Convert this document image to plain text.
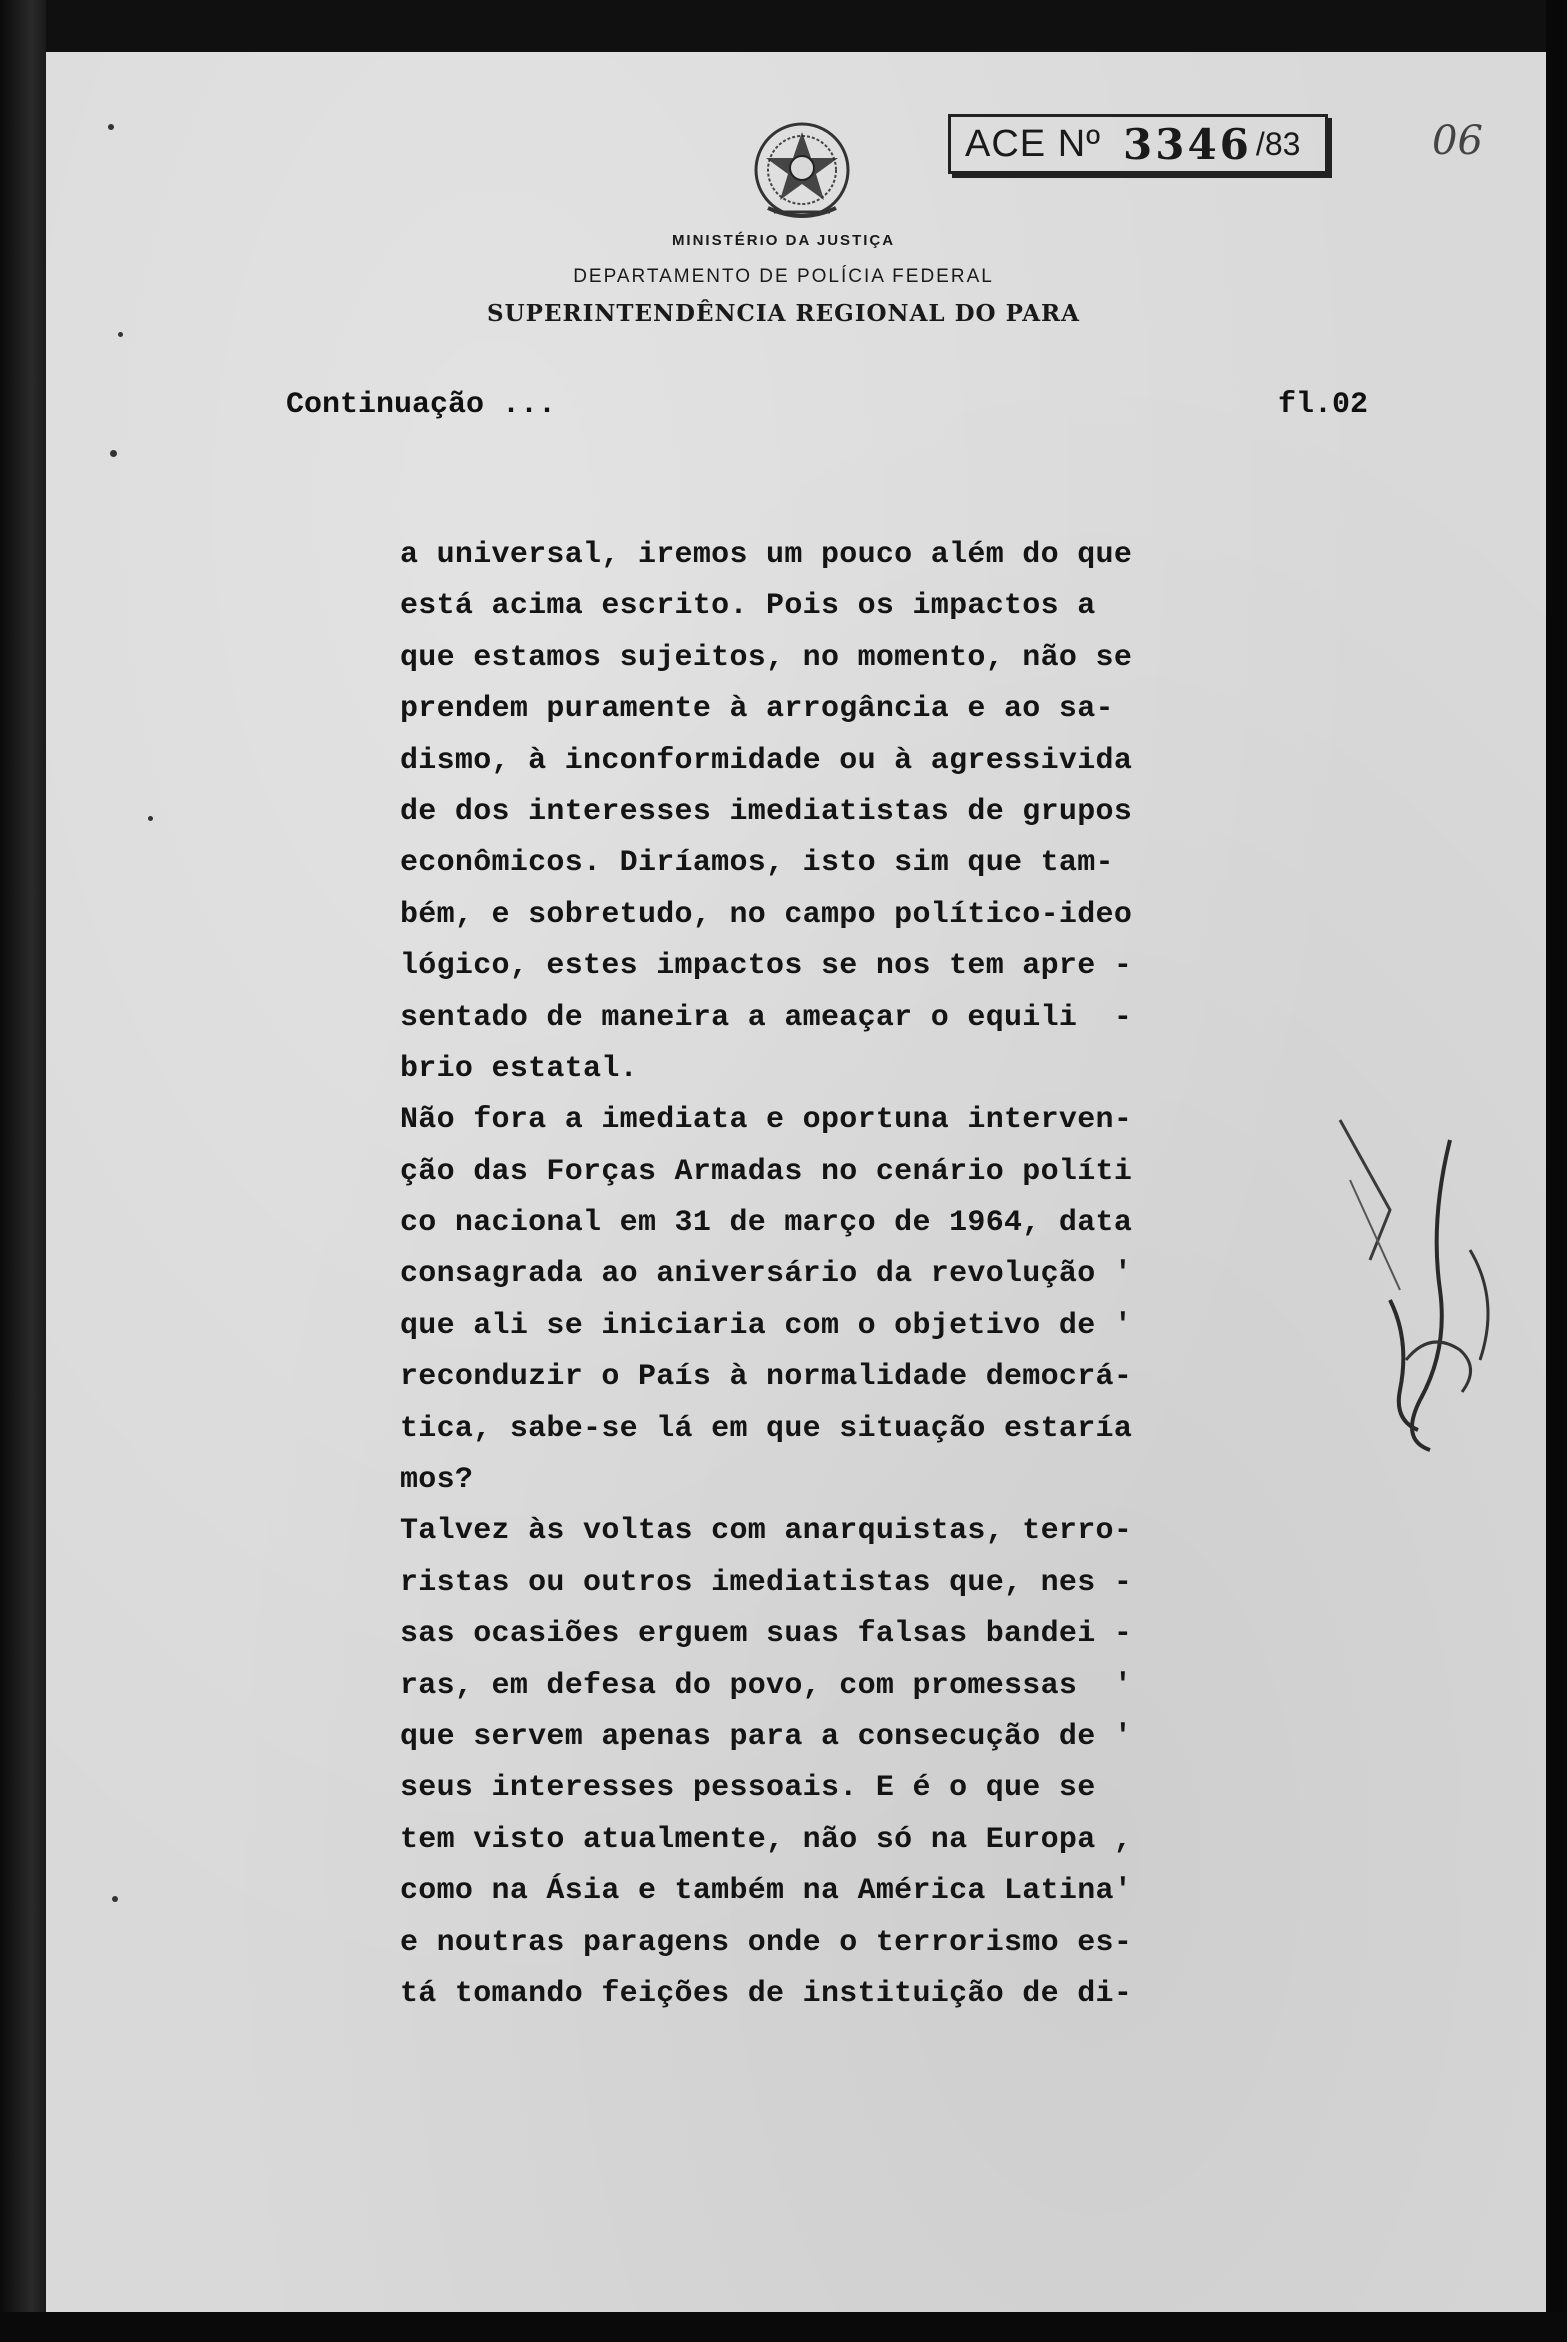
ACE Nº 3346 /83	06
MINISTÉRIO DA JUSTIÇA
DEPARTAMENTO DE POLÍCIA FEDERAL
SUPERINTENDÊNCIA REGIONAL DO PARA
Continuação ...	fl.02
a universal, iremos um pouco além do que
está acima escrito. Pois os impactos a
que estamos sujeitos, no momento, não se
prendem puramente à arrogância e ao sa-
dismo, à inconformidade ou à agressivida
de dos interesses imediatistas de grupos
econômicos. Diríamos, isto sim que tam-
bém, e sobretudo, no campo político-ideo
lógico, estes impactos se nos tem apre -
sentado de maneira a ameaçar o equili  -
brio estatal.
Não fora a imediata e oportuna interven-
ção das Forças Armadas no cenário políti
co nacional em 31 de março de 1964, data
consagrada ao aniversário da revolução '
que ali se iniciaria com o objetivo de '
reconduzir o País à normalidade democrá-
tica, sabe-se lá em que situação estaría
mos?
Talvez às voltas com anarquistas, terro-
ristas ou outros imediatistas que, nes -
sas ocasiões erguem suas falsas bandei -
ras, em defesa do povo, com promessas  '
que servem apenas para a consecução de '
seus interesses pessoais. E é o que se
tem visto atualmente, não só na Europa ,
como na Ásia e também na América Latina'
e noutras paragens onde o terrorismo es-
tá tomando feições de instituição de di-
